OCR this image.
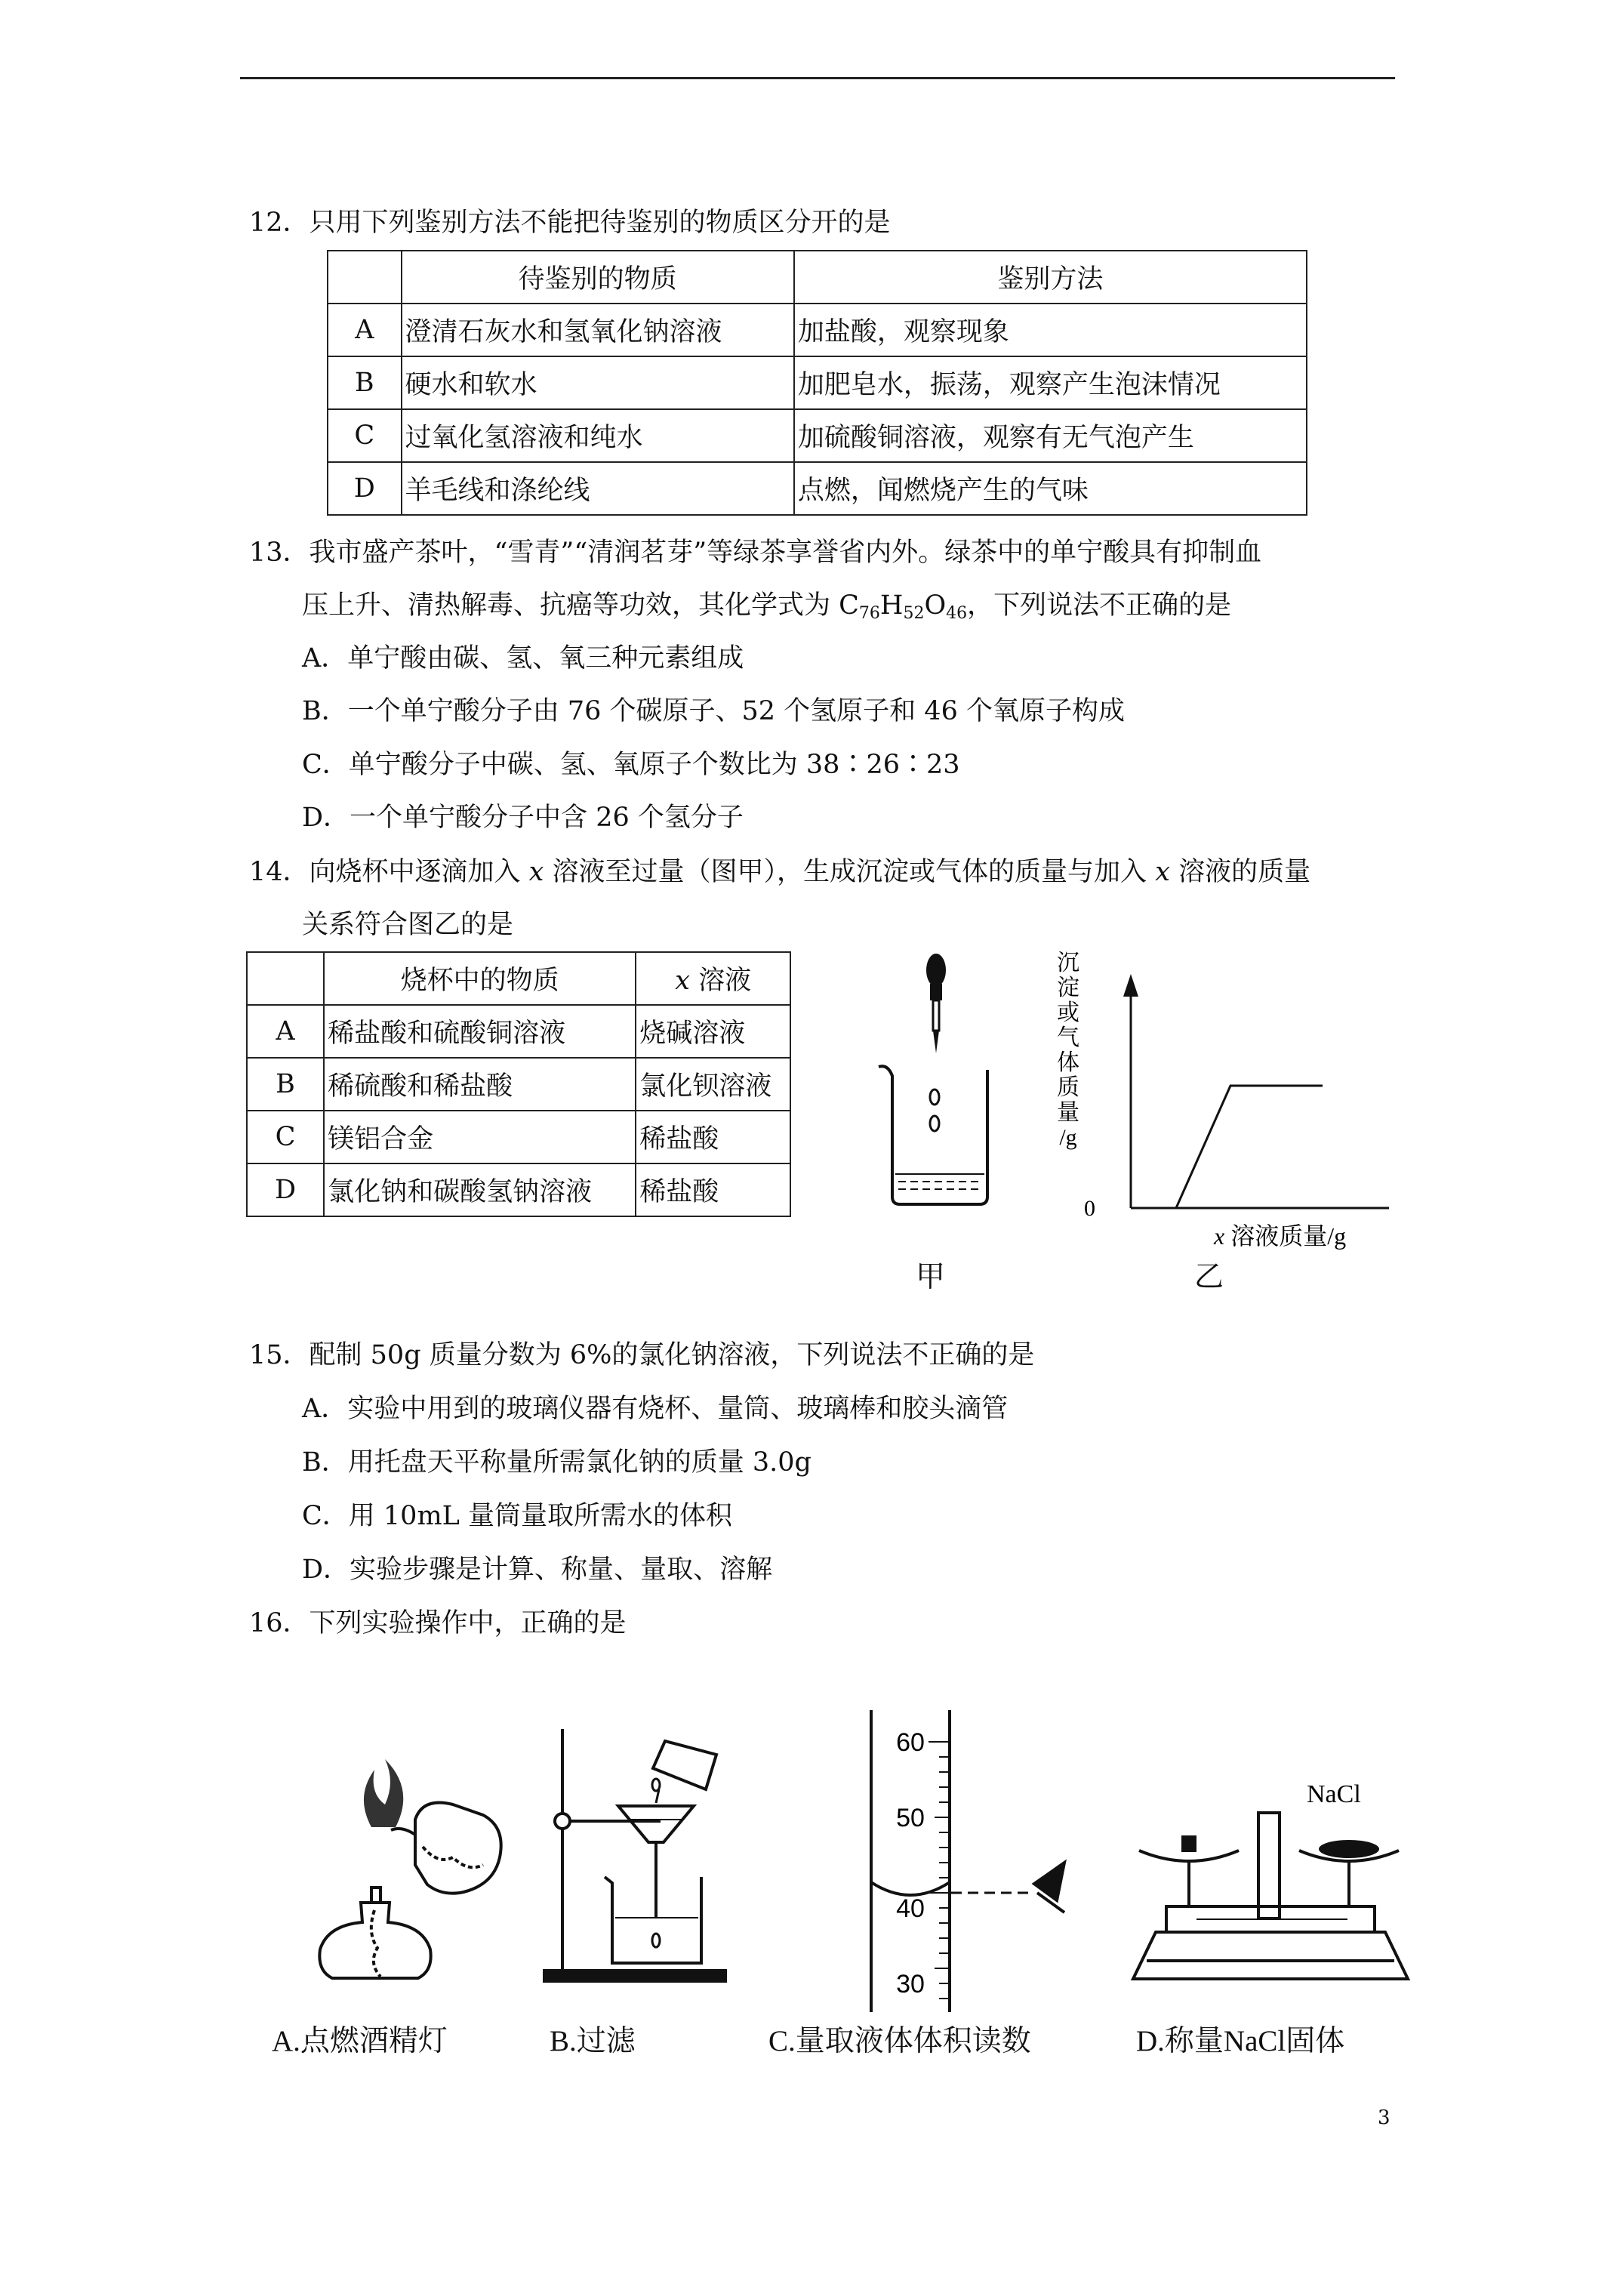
12．只用下列鉴别方法不能把待鉴别的物质区分开的是
	待鉴别的物质	鉴别方法
A	澄清石灰水和氢氧化钠溶液	加盐酸，观察现象
B	硬水和软水	加肥皂水，振荡，观察产生泡沫情况
C	过氧化氢溶液和纯水	加硫酸铜溶液，观察有无气泡产生
D	羊毛线和涤纶线	点燃，闻燃烧产生的气味
13．我市盛产茶叶，“雪青”“清润茗芽”等绿茶享誉省内外。绿茶中的单宁酸具有抑制血
压上升、清热解毒、抗癌等功效，其化学式为 $C_{76}H_{52}O_{46}$，下列说法不正确的是
A．单宁酸由碳、氢、氧三种元素组成
B．一个单宁酸分子由 76 个碳原子、52 个氢原子和 46 个氧原子构成
C．单宁酸分子中碳、氢、氧原子个数比为 38∶26∶23
D．一个单宁酸分子中含 26 个氢分子
14．向烧杯中逐滴加入 x 溶液至过量（图甲），生成沉淀或气体的质量与加入 x 溶液的质量
关系符合图乙的是
	烧杯中的物质	x 溶液
A	稀盐酸和硫酸铜溶液	烧碱溶液
B	稀硫酸和稀盐酸	氯化钡溶液
C	镁铝合金	稀盐酸
D	氯化钠和碳酸氢钠溶液	稀盐酸
甲
沉
淀
或
气
体
质
量
/g
0
x 溶液质量/g
乙
15．配制 50g 质量分数为 6%的氯化钠溶液，下列说法不正确的是
A．实验中用到的玻璃仪器有烧杯、量筒、玻璃棒和胶头滴管
B．用托盘天平称量所需氯化钠的质量 3.0g
C．用 10mL 量筒量取所需水的体积
D．实验步骤是计算、称量、量取、溶解
16．下列实验操作中，正确的是
60
50
40
30
NaCl
A.点燃酒精灯	B.过滤	C.量取液体体积读数	D.称量NaCl固体
3
